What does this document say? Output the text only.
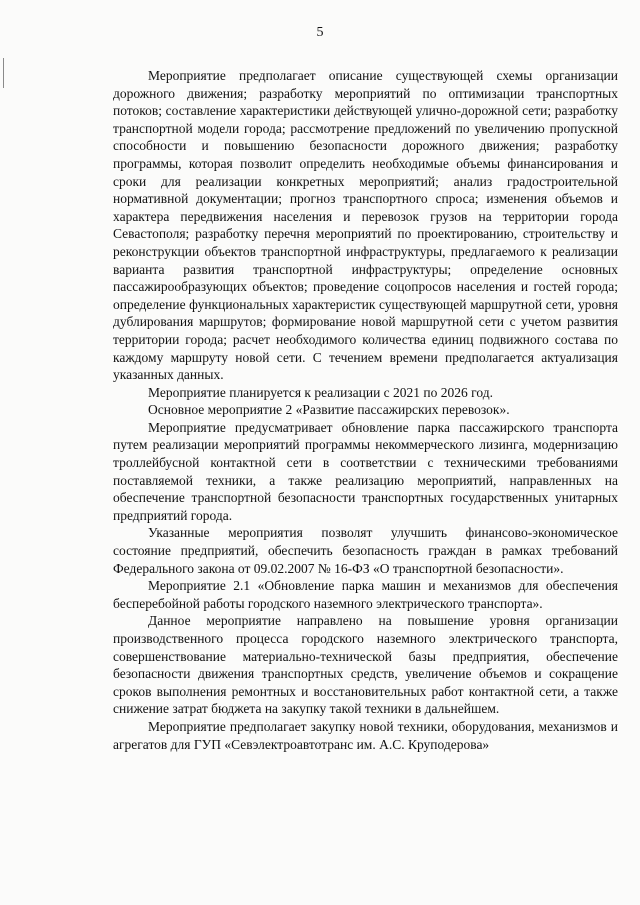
5

Мероприятие предполагает описание существующей схемы организации дорожного движения; разработку мероприятий по оптимизации транспортных потоков; составление характеристики действующей улично-дорожной сети; разработку транспортной модели города; рассмотрение предложений по увеличению пропускной способности и повышению безопасности дорожного движения; разработку программы, которая позволит определить необходимые объемы финансирования и сроки для реализации конкретных мероприятий; анализ градостроительной нормативной документации; прогноз транспортного спроса; изменения объемов и характера передвижения населения и перевозок грузов на территории города Севастополя; разработку перечня мероприятий по проектированию, строительству и реконструкции объектов транспортной инфраструктуры, предлагаемого к реализации варианта развития транспортной инфраструктуры; определение основных пассажирообразующих объектов; проведение соцопросов населения и гостей города; определение функциональных характеристик существующей маршрутной сети, уровня дублирования маршрутов; формирование новой маршрутной сети с учетом развития территории города; расчет необходимого количества единиц подвижного состава по каждому маршруту новой сети. С течением времени предполагается актуализация указанных данных.

Мероприятие планируется к реализации с 2021 по 2026 год.

Основное мероприятие 2 «Развитие пассажирских перевозок».

Мероприятие предусматривает обновление парка пассажирского транспорта путем реализации мероприятий программы некоммерческого лизинга, модернизацию троллейбусной контактной сети в соответствии с техническими требованиями поставляемой техники, а также реализацию мероприятий, направленных на обеспечение транспортной безопасности транспортных государственных унитарных предприятий города.

Указанные мероприятия позволят улучшить финансово-экономическое состояние предприятий, обеспечить безопасность граждан в рамках требований Федерального закона от 09.02.2007 № 16-ФЗ «О транспортной безопасности».

Мероприятие 2.1 «Обновление парка машин и механизмов для обеспечения бесперебойной работы городского наземного электрического транспорта».

Данное мероприятие направлено на повышение уровня организации производственного процесса городского наземного электрического транспорта, совершенствование материально-технической базы предприятия, обеспечение безопасности движения транспортных средств, увеличение объемов и сокращение сроков выполнения ремонтных и восстановительных работ контактной сети, а также снижение затрат бюджета на закупку такой техники в дальнейшем.

Мероприятие предполагает закупку новой техники, оборудования, механизмов и агрегатов для ГУП «Севэлектроавтотранс им. А.С. Круподерова»
